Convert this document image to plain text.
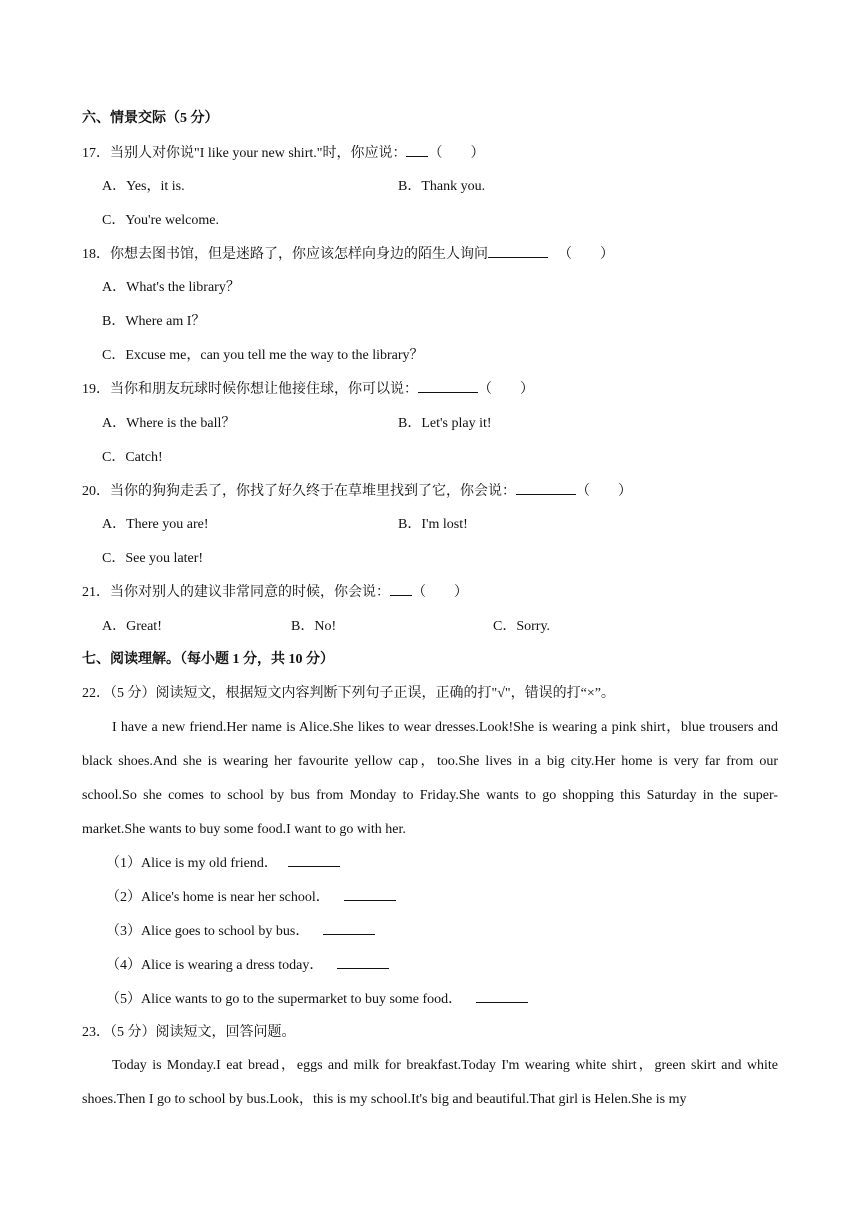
六、情景交际（5 分）
17．当别人对你说"I like your new shirt."时，你应说： （　　）
A．Yes，it is.	B．Thank you.
C．You're welcome.
18．你想去图书馆，但是迷路了，你应该怎样向身边的陌生人询问	（　　）
A．What's the library？
B．Where am I？
C．Excuse me，can you tell me the way to the library？
19．当你和朋友玩球时候你想让他接住球，你可以说：	（　　）
A．Where is the ball？	B．Let's play it!
C．Catch!
20．当你的狗狗走丢了，你找了好久终于在草堆里找到了它，你会说：	（　　）
A．There you are!	B．I'm lost!
C．See you later!
21．当你对别人的建议非常同意的时候，你会说： （　　）
A．Great!	B．No!	C．Sorry.
七、阅读理解。（每小题 1 分，共 10 分）
22．（5 分）阅读短文，根据短文内容判断下列句子正误，正确的打"√"，错误的打“×”。
I have a new friend.Her name is Alice.She likes to wear dresses.Look!She is wearing a pink shirt，blue trousers and black shoes.And she is wearing her favourite yellow cap，too.She lives in a big city.Her home is very far from our school.So she comes to school by bus from Monday to Friday.She wants to go shopping this Saturday in the super-market.She wants to buy some food.I want to go with her.
（1）Alice is my old friend．
（2）Alice's home is near her school．
（3）Alice goes to school by bus．
（4）Alice is wearing a dress today．
（5）Alice wants to go to the supermarket to buy some food．
23．（5 分）阅读短文，回答问题。
Today is Monday.I eat bread，eggs and milk for breakfast.Today I'm wearing white shirt，green skirt and white shoes.Then I go to school by bus.Look，this is my school.It's big and beautiful.That girl is Helen.She is my
